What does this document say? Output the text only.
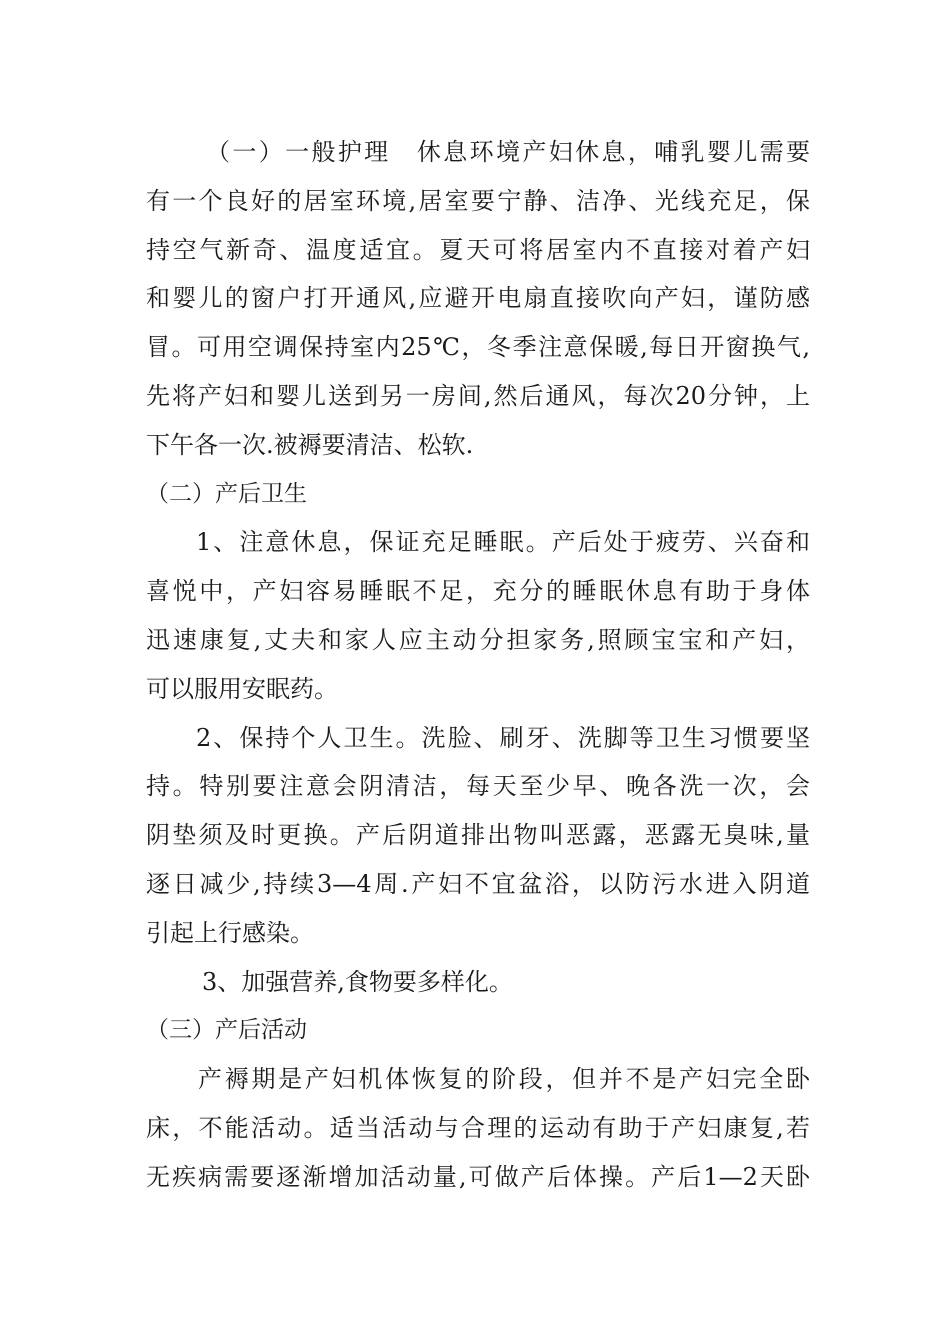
（一）一般护理　休息环境产妇休息，哺乳婴儿需要
有一个良好的居室环境,居室要宁静、洁净、光线充足，保
持空气新奇、温度适宜。夏天可将居室内不直接对着产妇
和婴儿的窗户打开通风,应避开电扇直接吹向产妇，谨防感
冒。可用空调保持室内25℃，冬季注意保暖,每日开窗换气,
先将产妇和婴儿送到另一房间,然后通风，每次20分钟，上
下午各一次.被褥要清洁、松软.
（二）产后卫生
1、注意休息，保证充足睡眠。产后处于疲劳、兴奋和
喜悦中，产妇容易睡眠不足，充分的睡眠休息有助于身体
迅速康复,丈夫和家人应主动分担家务,照顾宝宝和产妇，
可以服用安眠药。
2、保持个人卫生。洗脸、刷牙、洗脚等卫生习惯要坚
持。特别要注意会阴清洁，每天至少早、晚各洗一次，会
阴垫须及时更换。产后阴道排出物叫恶露，恶露无臭味,量
逐日减少,持续3—4周.产妇不宜盆浴，以防污水进入阴道
引起上行感染。
3、加强营养,食物要多样化。
（三）产后活动
产褥期是产妇机体恢复的阶段，但并不是产妇完全卧
床，不能活动。适当活动与合理的运动有助于产妇康复,若
无疾病需要逐渐增加活动量,可做产后体操。产后1—2天卧
